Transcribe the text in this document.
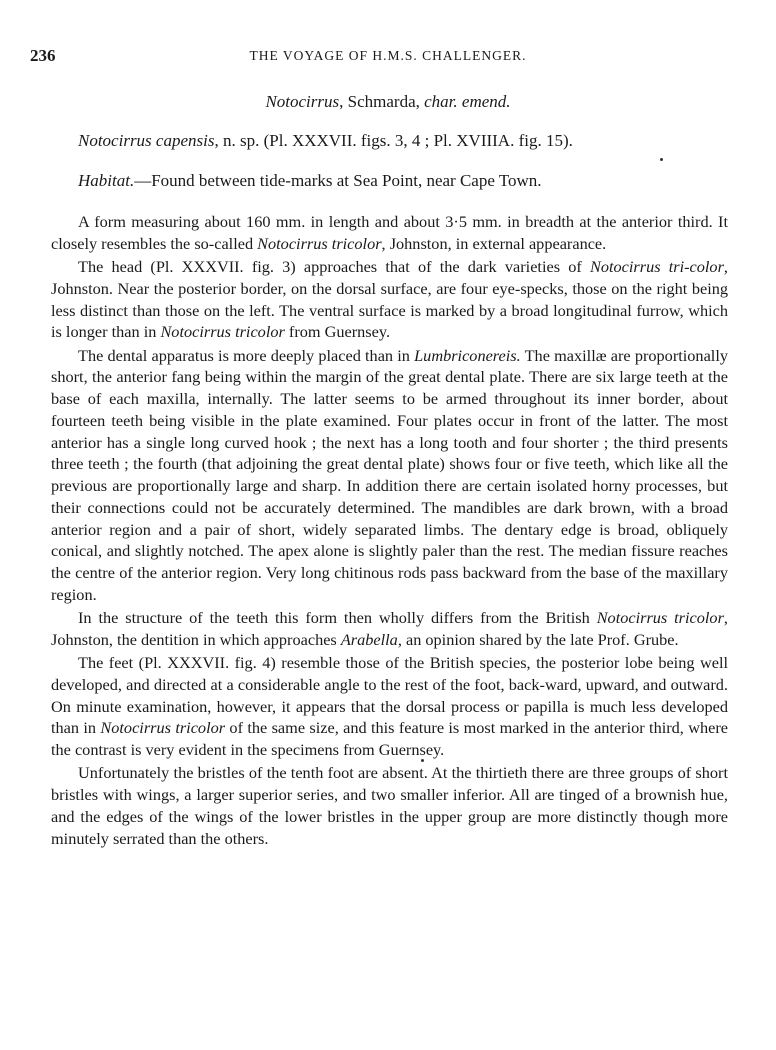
236	THE VOYAGE OF H.M.S. CHALLENGER.
Notocirrus, Schmarda, char. emend.
Notocirrus capensis, n. sp. (Pl. XXXVII. figs. 3, 4 ; Pl. XVIIIA. fig. 15).
Habitat.—Found between tide-marks at Sea Point, near Cape Town.

A form measuring about 160 mm. in length and about 3·5 mm. in breadth at the anterior third. It closely resembles the so-called Notocirrus tricolor, Johnston, in external appearance.

The head (Pl. XXXVII. fig. 3) approaches that of the dark varieties of Notocirrus tri-color, Johnston. Near the posterior border, on the dorsal surface, are four eye-specks, those on the right being less distinct than those on the left. The ventral surface is marked by a broad longitudinal furrow, which is longer than in Notocirrus tricolor from Guernsey.

The dental apparatus is more deeply placed than in Lumbriconereis. The maxillæ are proportionally short, the anterior fang being within the margin of the great dental plate. There are six large teeth at the base of each maxilla, internally. The latter seems to be armed throughout its inner border, about fourteen teeth being visible in the plate examined. Four plates occur in front of the latter. The most anterior has a single long curved hook ; the next has a long tooth and four shorter ; the third presents three teeth ; the fourth (that adjoining the great dental plate) shows four or five teeth, which like all the previous are proportionally large and sharp. In addition there are certain isolated horny processes, but their connections could not be accurately determined. The mandibles are dark brown, with a broad anterior region and a pair of short, widely separated limbs. The dentary edge is broad, obliquely conical, and slightly notched. The apex alone is slightly paler than the rest. The median fissure reaches the centre of the anterior region. Very long chitinous rods pass backward from the base of the maxillary region.

In the structure of the teeth this form then wholly differs from the British Notocirrus tricolor, Johnston, the dentition in which approaches Arabella, an opinion shared by the late Prof. Grube.

The feet (Pl. XXXVII. fig. 4) resemble those of the British species, the posterior lobe being well developed, and directed at a considerable angle to the rest of the foot, back-ward, upward, and outward. On minute examination, however, it appears that the dorsal process or papilla is much less developed than in Notocirrus tricolor of the same size, and this feature is most marked in the anterior third, where the contrast is very evident in the specimens from Guernsey.

Unfortunately the bristles of the tenth foot are absent. At the thirtieth there are three groups of short bristles with wings, a larger superior series, and two smaller inferior. All are tinged of a brownish hue, and the edges of the wings of the lower bristles in the upper group are more distinctly though more minutely serrated than the others.
